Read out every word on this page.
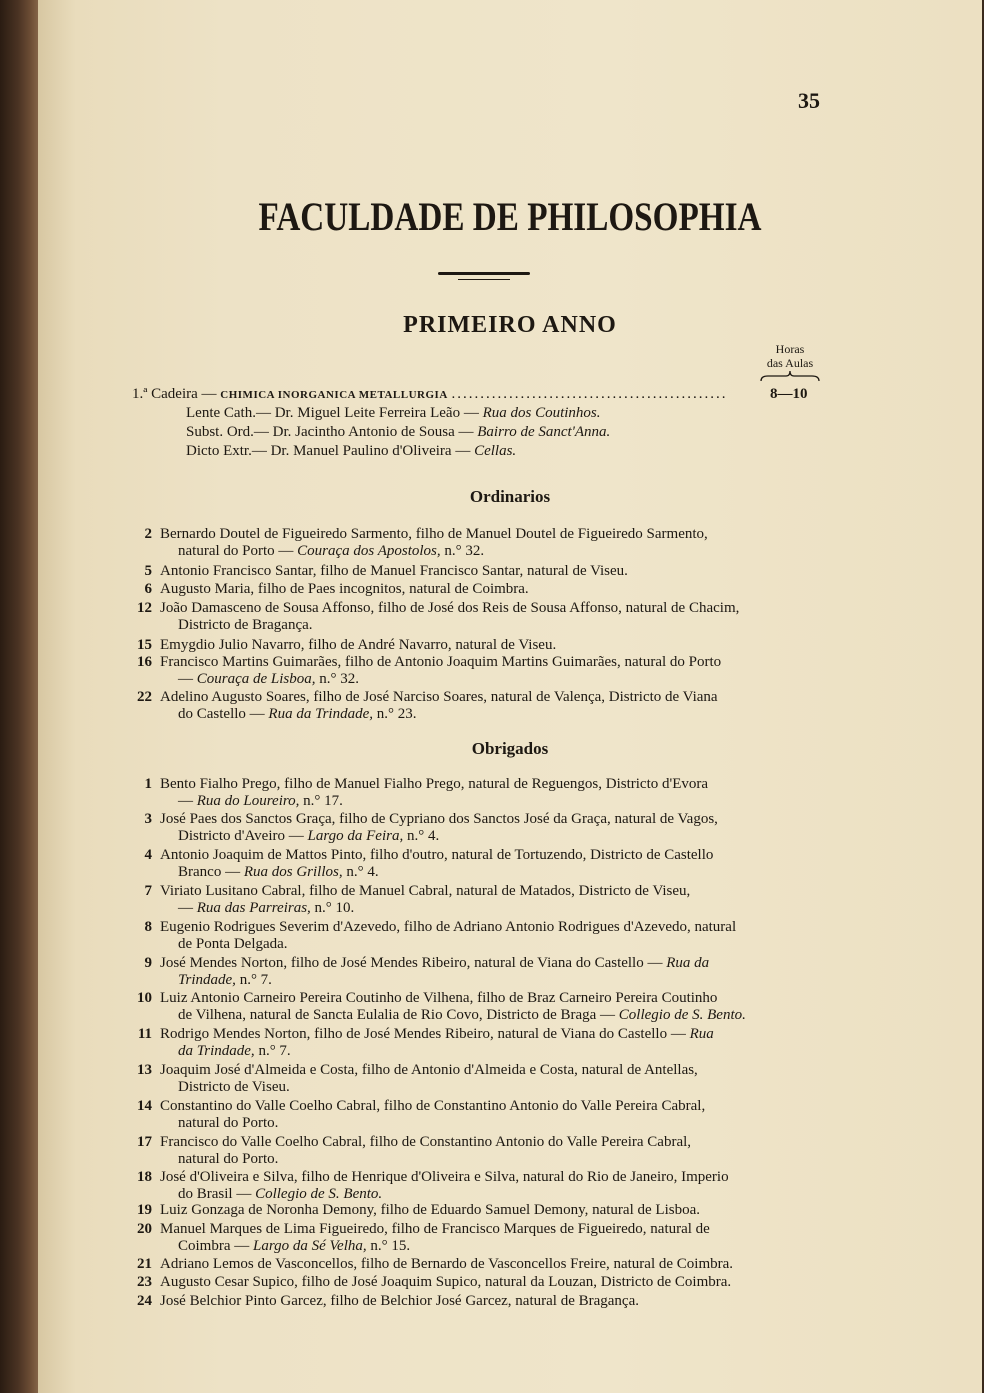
35
FACULDADE DE PHILOSOPHIA
PRIMEIRO ANNO
Horas
das Aulas
1.ª Cadeira — CHIMICA INORGANICA METALLURGIA ................................................	8—10
Lente Cath.— Dr. Miguel Leite Ferreira Leão — Rua dos Coutinhos.
Subst. Ord.— Dr. Jacintho Antonio de Sousa — Bairro de Sanct'Anna.
Dicto Extr.— Dr. Manuel Paulino d'Oliveira — Cellas.
Ordinarios
2 Bernardo Doutel de Figueiredo Sarmento, filho de Manuel Doutel de Figueiredo Sarmento,
natural do Porto — Couraça dos Apostolos, n.° 32.
5 Antonio Francisco Santar, filho de Manuel Francisco Santar, natural de Viseu.
6 Augusto Maria, filho de Paes incognitos, natural de Coimbra.
12 João Damasceno de Sousa Affonso, filho de José dos Reis de Sousa Affonso, natural de Chacim,
Districto de Bragança.
15 Emygdio Julio Navarro, filho de André Navarro, natural de Viseu.
16 Francisco Martins Guimarães, filho de Antonio Joaquim Martins Guimarães, natural do Porto
— Couraça de Lisboa, n.° 32.
22 Adelino Augusto Soares, filho de José Narciso Soares, natural de Valença, Districto de Viana
do Castello — Rua da Trindade, n.° 23.
Obrigados
1 Bento Fialho Prego, filho de Manuel Fialho Prego, natural de Reguengos, Districto d'Evora
— Rua do Loureiro, n.° 17.
3 José Paes dos Sanctos Graça, filho de Cypriano dos Sanctos José da Graça, natural de Vagos,
Districto d'Aveiro — Largo da Feira, n.° 4.
4 Antonio Joaquim de Mattos Pinto, filho d'outro, natural de Tortuzendo, Districto de Castello
Branco — Rua dos Grillos, n.° 4.
7 Viriato Lusitano Cabral, filho de Manuel Cabral, natural de Matados, Districto de Viseu,
— Rua das Parreiras, n.° 10.
8 Eugenio Rodrigues Severim d'Azevedo, filho de Adriano Antonio Rodrigues d'Azevedo, natural
de Ponta Delgada.
9 José Mendes Norton, filho de José Mendes Ribeiro, natural de Viana do Castello — Rua da
Trindade, n.° 7.
10 Luiz Antonio Carneiro Pereira Coutinho de Vilhena, filho de Braz Carneiro Pereira Coutinho
de Vilhena, natural de Sancta Eulalia de Rio Covo, Districto de Braga — Collegio de S. Bento.
11 Rodrigo Mendes Norton, filho de José Mendes Ribeiro, natural de Viana do Castello — Rua
da Trindade, n.° 7.
13 Joaquim José d'Almeida e Costa, filho de Antonio d'Almeida e Costa, natural de Antellas,
Districto de Viseu.
14 Constantino do Valle Coelho Cabral, filho de Constantino Antonio do Valle Pereira Cabral,
natural do Porto.
17 Francisco do Valle Coelho Cabral, filho de Constantino Antonio do Valle Pereira Cabral,
natural do Porto.
18 José d'Oliveira e Silva, filho de Henrique d'Oliveira e Silva, natural do Rio de Janeiro, Imperio
do Brasil — Collegio de S. Bento.
19 Luiz Gonzaga de Noronha Demony, filho de Eduardo Samuel Demony, natural de Lisboa.
20 Manuel Marques de Lima Figueiredo, filho de Francisco Marques de Figueiredo, natural de
Coimbra — Largo da Sé Velha, n.° 15.
21 Adriano Lemos de Vasconcellos, filho de Bernardo de Vasconcellos Freire, natural de Coimbra.
23 Augusto Cesar Supico, filho de José Joaquim Supico, natural da Louzan, Districto de Coimbra.
24 José Belchior Pinto Garcez, filho de Belchior José Garcez, natural de Bragança.
